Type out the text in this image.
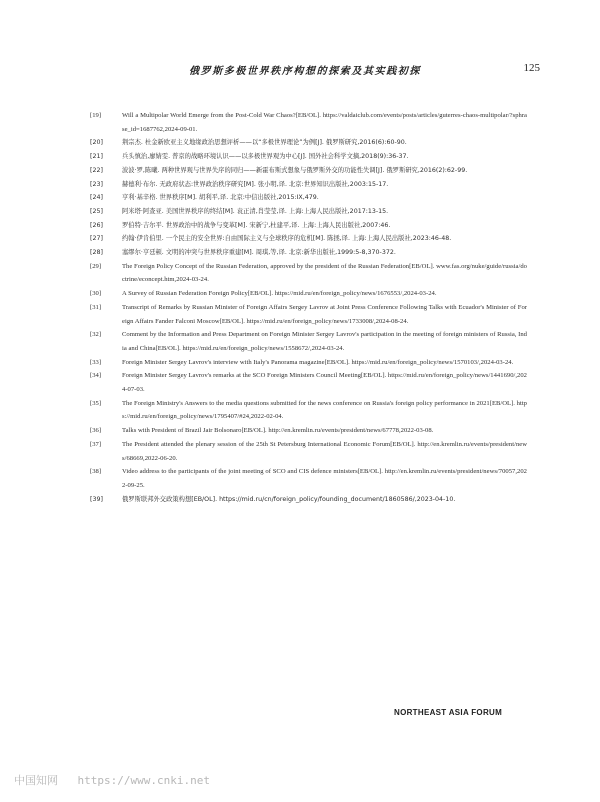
俄罗斯多极世界秩序构想的探索及其实践初探	125

[19]	Will a Multipolar World Emerge from the Post-Cold War Chaos?[EB/OL]. https://valdaiclub.com/events/posts/articles/guterres-chaos-multipolar/?sphrase_id=1687762,2024-09-01.

[20]	荆宗杰. 杜金新欧亚主义地缘政治思想评析——以“多极世界理论”为例[J]. 俄罗斯研究,2016(6):60-90.

[21]	兵头慎治,廖婧雯. 普京的战略环境认识——以多极世界观为中心[J]. 国外社会科学文摘,2018(9):36-37.

[22]	波波·罗,陈曦. 两种世界观与世界失序的同归——新霍布斯式想象与俄罗斯外交的功能性失调[J]. 俄罗斯研究,2016(2):62-99.

[23]	赫德利·布尔. 无政府状态:世界政治秩序研究[M]. 张小明,译. 北京:世界知识出版社,2003:15-17.

[24]	亨利·基辛格. 世界秩序[M]. 胡利平,译. 北京:中信出版社,2015:IX,479.

[25]	阿米塔·阿查亚. 美国世界秩序的终结[M]. 袁正清,肖莹莹,译. 上海:上海人民出版社,2017:13-15.

[26]	罗伯特·吉尔平. 世界政治中的战争与变革[M]. 宋新宁,杜建平,译. 上海:上海人民出版社,2007:46.

[27]	约翰·伊肯伯里. 一个民主的安全世界:自由国际主义与全球秩序的危机[M]. 陈拯,译. 上海:上海人民出版社,2023:46-48.

[28]	塞缪尔·亨廷顿. 文明的冲突与世界秩序重建[M]. 周琪,等,译. 北京:新华出版社,1999:5-8,370-372.

[29]	The Foreign Policy Concept of the Russian Federation, approved by the president of the Russian Federation[EB/OL]. www.fas.org/nuke/guide/russia/doctrine/econcept.htm,2024-03-24.

[30]	A Survey of Russian Federation Foreign Policy[EB/OL]. https://mid.ru/en/foreign_policy/news/1676553/,2024-03-24.

[31]	Transcript of Remarks by Russian Minister of Foreign Affairs Sergey Lavrov at Joint Press Conference Following Talks with Ecuador's Minister of Foreign Affairs Fander Falconi Moscow[EB/OL]. https://mid.ru/en/foreign_policy/news/1733008/,2024-08-24.

[32]	Comment by the Information and Press Department on Foreign Minister Sergey Lavrov's participation in the meeting of foreign ministers of Russia, India and China[EB/OL]. https://mid.ru/en/foreign_policy/news/1558672/,2024-03-24.

[33]	Foreign Minister Sergey Lavrov's interview with Italy's Panorama magazine[EB/OL]. https://mid.ru/en/foreign_policy/news/1570103/,2024-03-24.

[34]	Foreign Minister Sergey Lavrov's remarks at the SCO Foreign Ministers Council Meeting[EB/OL]. https://mid.ru/en/foreign_policy/news/1441690/,2024-07-03.

[35]	The Foreign Ministry's Answers to the media questions submitted for the news conference on Russia's foreign policy performance in 2021[EB/OL]. https://mid.ru/en/foreign_policy/news/1795407/#24,2022-02-04.

[36]	Talks with President of Brazil Jair Bolsonaro[EB/OL]. http://en.kremlin.ru/events/president/news/67778,2022-03-08.

[37]	The President attended the plenary session of the 25th St Petersburg International Economic Forum[EB/OL]. http://en.kremlin.ru/events/president/news/68669,2022-06-20.

[38]	Video address to the participants of the joint meeting of SCO and CIS defence ministers[EB/OL]. http://en.kremlin.ru/events/president/news/70057,2022-09-25.

[39]	俄罗斯联邦外交政策构想[EB/OL]. https://mid.ru/cn/foreign_policy/founding_document/1860586/,2023-04-10.

NORTHEAST ASIA FORUM
中国知网 https://www.cnki.net
